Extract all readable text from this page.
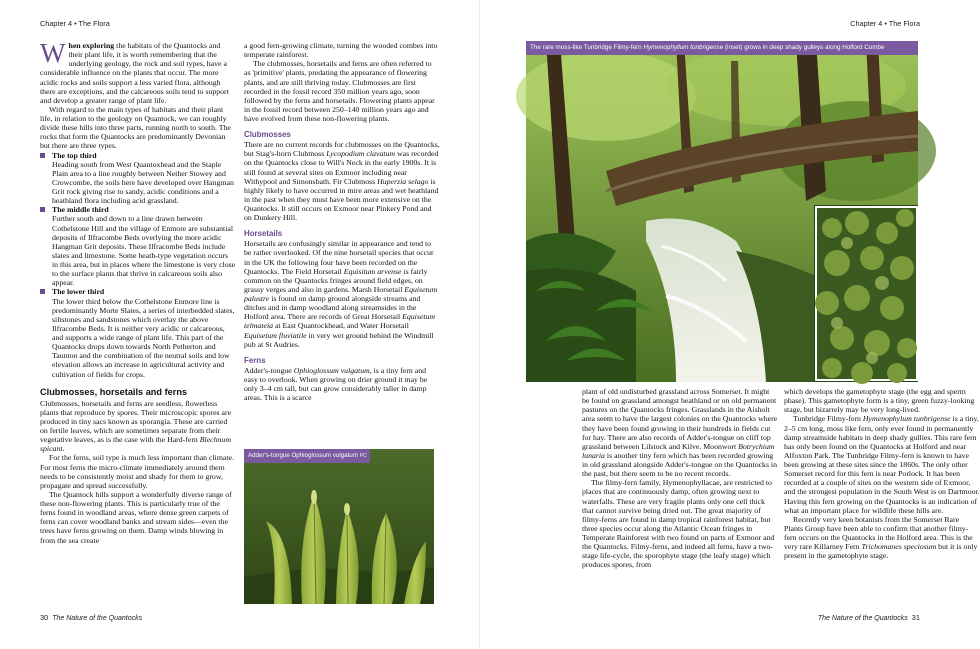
Chapter 4 • The Flora

When exploring the habitats of the Quantocks and their plant life, it is worth remembering that the underlying geology, the rock and soil types, have a considerable influence on the plants that occur. The more acidic rocks and soils support a less varied flora, although there are exceptions, and the calcareous soils tend to support and develop a greater range of plant life.

With regard to the main types of habitats and their plant life, in relation to the geology on Quantock, we can roughly divide these hills into three parts, running north to south. The rocks that form the Quantocks are predominantly Devonian but there are three types.

The top third
Heading south from West Quantoxhead and the Staple Plain area to a line roughly between Nether Stowey and Crowcombe, the soils here have developed over Hangman Grit rock giving rise to sandy, acidic conditions and a heathland flora including acid grassland.
The middle third
Further south and down to a line drawn between Cothelstone Hill and the village of Enmore are substantial deposits of Ilfracombe Beds overlying the more acidic Hangman Grit deposits. These Ilfracombe Beds include slates and limestone. Some heath-type vegetation occurs in this area, but in places where the limestone is very close to the surface plants that thrive in calcareous soils also appear.
The lower third
The lower third below the Cothelstone Enmore line is predominantly Morte Slates, a series of interbedded slates, siltstones and sandstones which overlay the above Ilfracombe Beds. It is neither very acidic or calcareous, and supports a wide range of plant life. This part of the Quantocks drops down towards North Petherton and Taunton and the combination of the neutral soils and low elevation allows an increase in agricultural activity and cultivation of fields for crops.
Clubmosses, horsetails and ferns

Clubmosses, horsetails and ferns are seedless, flowerless plants that reproduce by spores. Their microscopic spores are produced in tiny sacs known as sporangia. These are carried on fertile leaves, which are sometimes separate from their vegetative leaves, as is the case with the Hard-fern Blechnum spicant.

For the ferns, soil type is much less important than climate. For most ferns the micro-climate immediately around them needs to be consistently moist and shady for them to grow, propagate and spread successfully.

The Quantock hills support a wonderfully diverse range of these non-flowering plants. This is particularly true of the ferns found in woodland areas, where dense green carpets of ferns can cover woodland banks and stream sides—even the trees have ferns growing on them. Damp winds blowing in from the sea create

a good fern-growing climate, turning the wooded combes into temperate rainforest.

The clubmosses, horsetails and ferns are often referred to as 'primitive' plants, predating the appearance of flowering plants, and are still thriving today. Clubmosses are first recorded in the fossil record 350 million years ago, soon followed by the ferns and horsetails. Flowering plants appear in the fossil record between 250–140 million years ago and have evolved from these non-flowering plants.

Clubmosses

There are no current records for clubmosses on the Quantocks, but Stag's-horn Clubmoss Lycopodium clavatum was recorded on the Quantocks close to Will's Neck in the early 1900s. It is still found at several sites on Exmoor including near Withypool and Simonsbath. Fir Clubmoss Huperzia selago is highly likely to have occurred in mire areas and wet heathland in the past when they must have been more extensive on the Quantocks. It still occurs on Exmoor near Pinkery Pond and on Dunkery Hill.

Horsetails

Horsetails are confusingly similar in appearance and tend to be rather overlooked. Of the nine horsetail species that occur in the UK the following four have been recorded on the Quantocks. The Field Horsetail Equisitum arvense is fairly common on the Quantocks fringes around field edges, on grassy verges and also in gardens. Marsh Horsetail Equisetum palustre is found on damp ground alongside streams and ditches and in damp woodland along streamsides in the Holford area. There are records of Great Horsetail Equisetum telmateia at East Quantockhead, and Water Horsetail Equisetum fluviatile in very wet ground behind the Windmill pub at St Audries.

Ferns

Adder's-tongue Ophioglossum vulgatum, is a tiny fern and easy to overlook. When growing on drier ground it may be only 3–4 cm tall, but can grow considerably taller in damp areas. This is a scarce

Adder's-tongue Ophioglossum vulgatum PC
30 The Nature of the Quantocks
Chapter 4 • The Flora
The rare moss-like Tunbridge Filmy-fern Hymenophyllum tunbrigense (inset) grows in deep shady gulleys along Holford Combe

plant of old undisturbed grassland across Somerset. It might be found on grassland amongst heathland or on old permanent pastures on the Quantocks fringes. Grasslands in the Aisholt area seem to have the largest colonies on the Quantocks where they have been found growing in their hundreds in fields cut for hay. There are also records of Adder's-tongue on cliff top grassland between Lilstock and Kilve. Moonwort Botrychium lunaria is another tiny fern which has been recorded growing in old grassland alongside Adder's-tongue on the Quantocks in the past, but there seem to be no recent records.

The filmy-fern family, Hymenophyllacae, are restricted to places that are continuously damp, often growing next to waterfalls. These are very fragile plants only one cell thick that cannot survive being dried out. The great majority of filmy-ferns are found in damp tropical rainforest habitat, but three species occur along the Atlantic Ocean fringes in Temperate Rainforest with two found on parts of Exmoor and the Quantocks. Filmy-ferns, and indeed all ferns, have a two-stage life-cycle, the sporophyte stage (the leafy stage) which produces spores, from

which develops the gametophyte stage (the egg and sperm phase). This gametophyte form is a tiny, green fuzzy-looking stage, but bizarrely may be very long-lived.

Tunbridge Filmy-fern Hymenophylum tunbrigense is a tiny, 2–5 cm long, moss like fern, only ever found in permanently damp streamside habitats in deep shady gullies. This rare fern has only been found on the Quantocks at Holford and near Alfoxton Park. The Tunbridge Filmy-fern is known to have been growing at these sites since the 1860s. The only other Somerset record for this fern is near Porlock. It has been recorded at a couple of sites on the western side of Exmoor, and the strongest population in the South West is on Dartmoor. Having this fern growing on the Quantocks is an indication of what an important place for wildlife these hills are.

Recently very keen botanists from the Somerset Rare Plants Group have been able to confirm that another filmy-fern occurs on the Quantocks in the Holford area. This is the very rare Killarney Fern Trichomanes speciosum but it is only present in the gametophyte stage.

The Nature of the Quantocks 31
